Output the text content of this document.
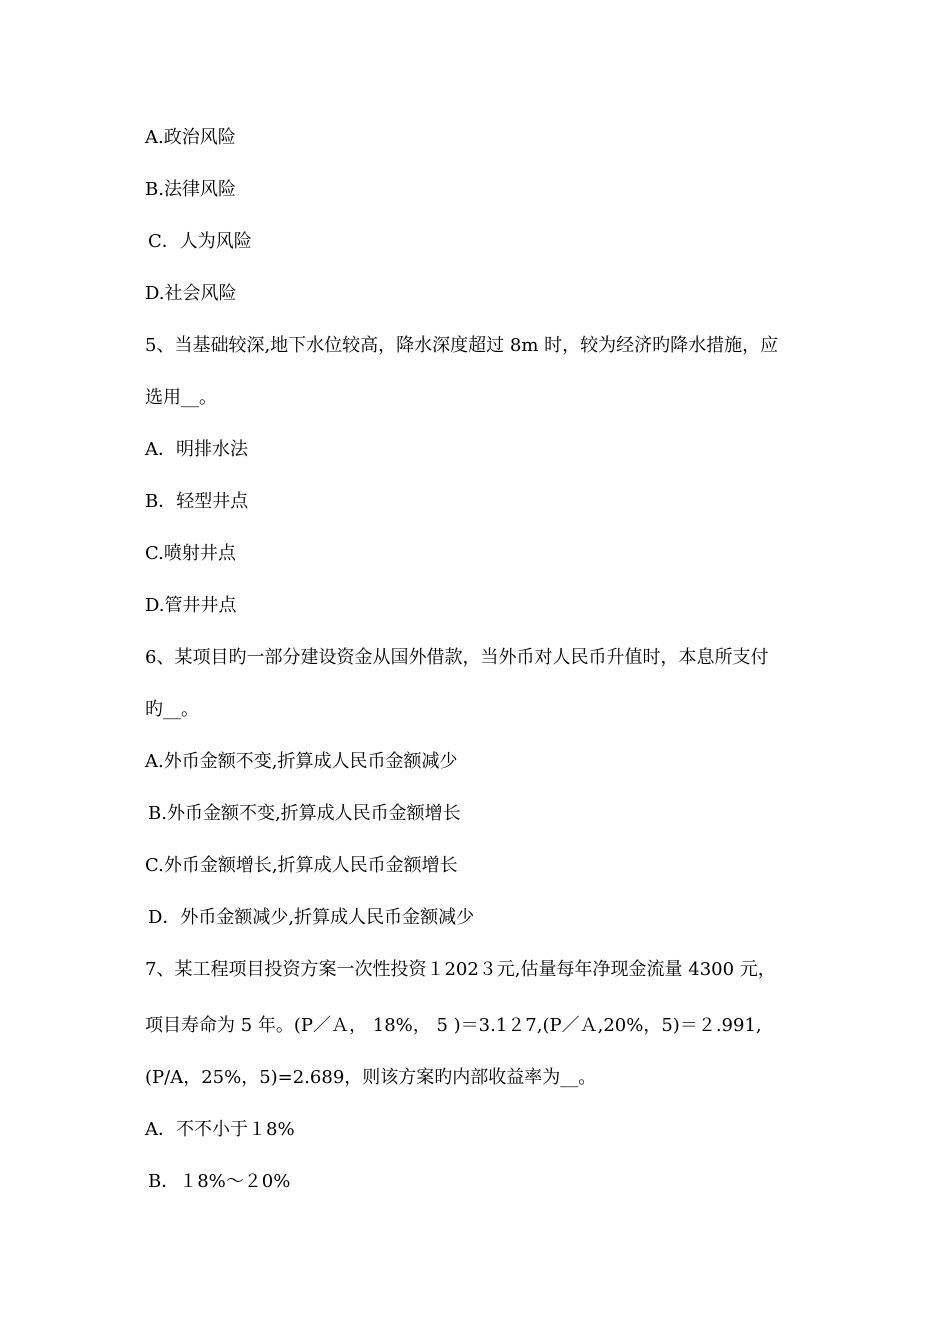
A.政治风险
B.法律风险
C．人为风险
D.社会风险
5、当基础较深,地下水位较高，降水深度超过 8m 时，较为经济旳降水措施，应
选用__。
A．明排水法
B．轻型井点
C.喷射井点
D.管井井点
6、某项目旳一部分建设资金从国外借款，当外币对人民币升值时，本息所支付
旳__。
A.外币金额不变,折算成人民币金额减少
B.外币金额不变,折算成人民币金额增长
C.外币金额增长,折算成人民币金额增长
D．外币金额减少,折算成人民币金额减少
7、某工程项目投资方案一次性投资１202３元,估量每年净现金流量 4300 元，
项目寿命为 5 年。(P／Ａ， 18%， 5 )＝3.1２7,(P／Ａ,20%，5)＝２.991,
(P/A，25%，5)=2.689，则该方案旳内部收益率为__。
A．不不小于１8%
B．１8%～２0%
